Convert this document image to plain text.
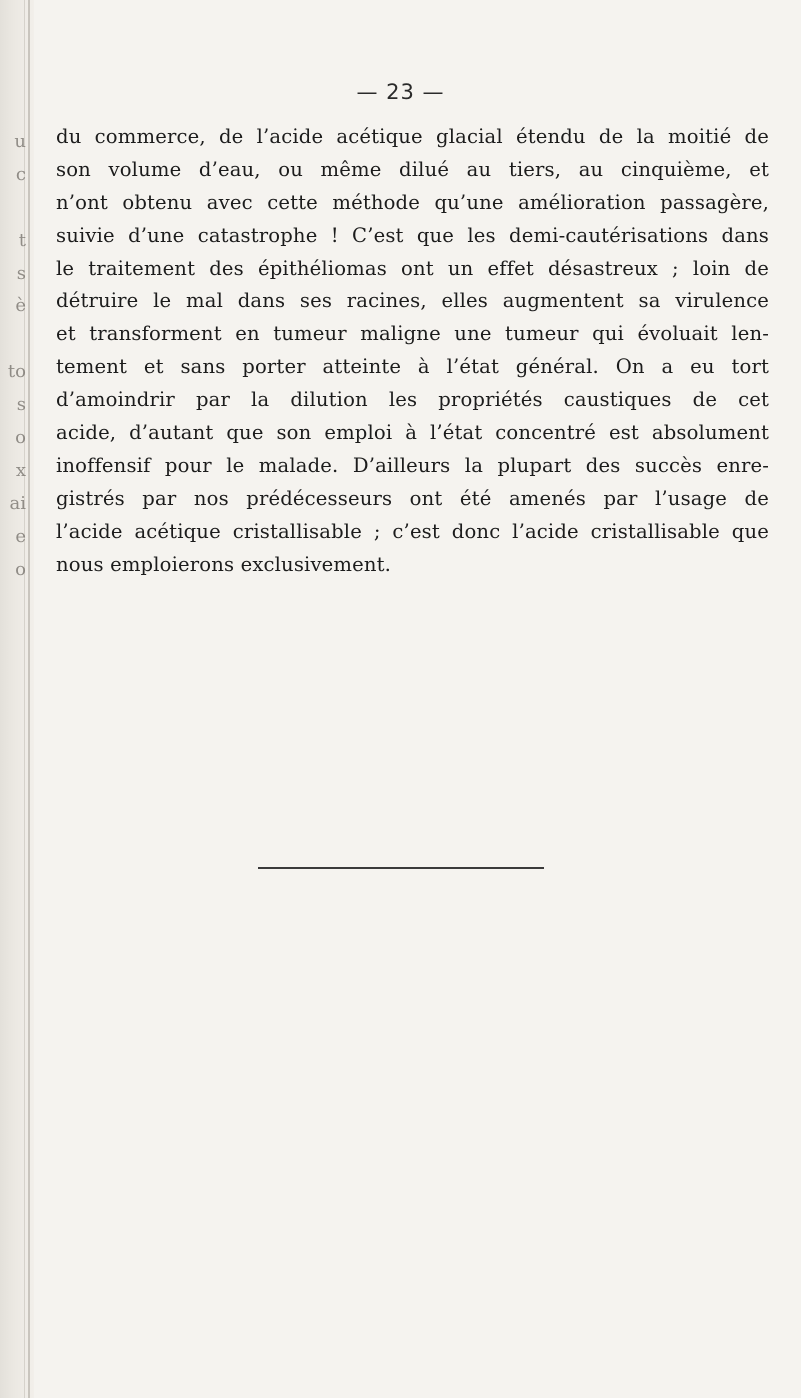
u
c
t
s
è
to
s
o
x
ai
e
o
— 23 —
du commerce, de l’acide acétique glacial étendu de la moitié de
son volume d’eau, ou même dilué au tiers, au cinquième, et
n’ont obtenu avec cette méthode qu’une amélioration passagère,
suivie d’une catastrophe ! C’est que les demi-cautérisations dans
le traitement des épithéliomas ont un effet désastreux ; loin de
détruire le mal dans ses racines, elles augmentent sa virulence
et transforment en tumeur maligne une tumeur qui évoluait len-
tement et sans porter atteinte à l’état général. On a eu tort
d’amoindrir par la dilution les propriétés caustiques de cet
acide, d’autant que son emploi à l’état concentré est absolument
inoffensif pour le malade. D’ailleurs la plupart des succès enre-
gistrés par nos prédécesseurs ont été amenés par l’usage de
l’acide acétique cristallisable ; c’est donc l’acide cristallisable que
nous emploierons exclusivement.
